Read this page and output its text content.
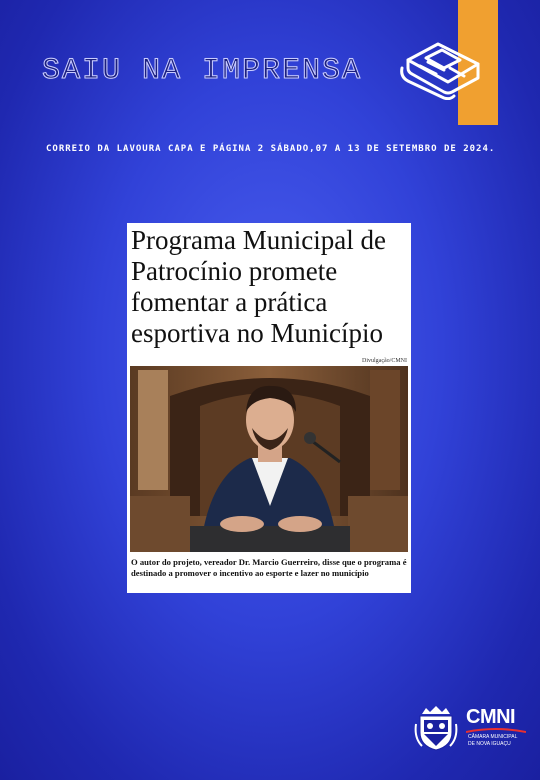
SAIU NA IMPRENSA
CORREIO DA LAVOURA CAPA E PÁGINA 2 SÁBADO,07 A 13 DE SETEMBRO DE 2024.
Programa Municipal de Patrocínio promete fomentar a prática esportiva no Município
Divulgação/CMNI

O autor do projeto, vereador Dr. Marcio Guerreiro, disse que o programa é destinado a promover o incentivo ao esporte e lazer no município

CMNI
CÂMARA MUNICIPAL
DE NOVA IGUAÇU
